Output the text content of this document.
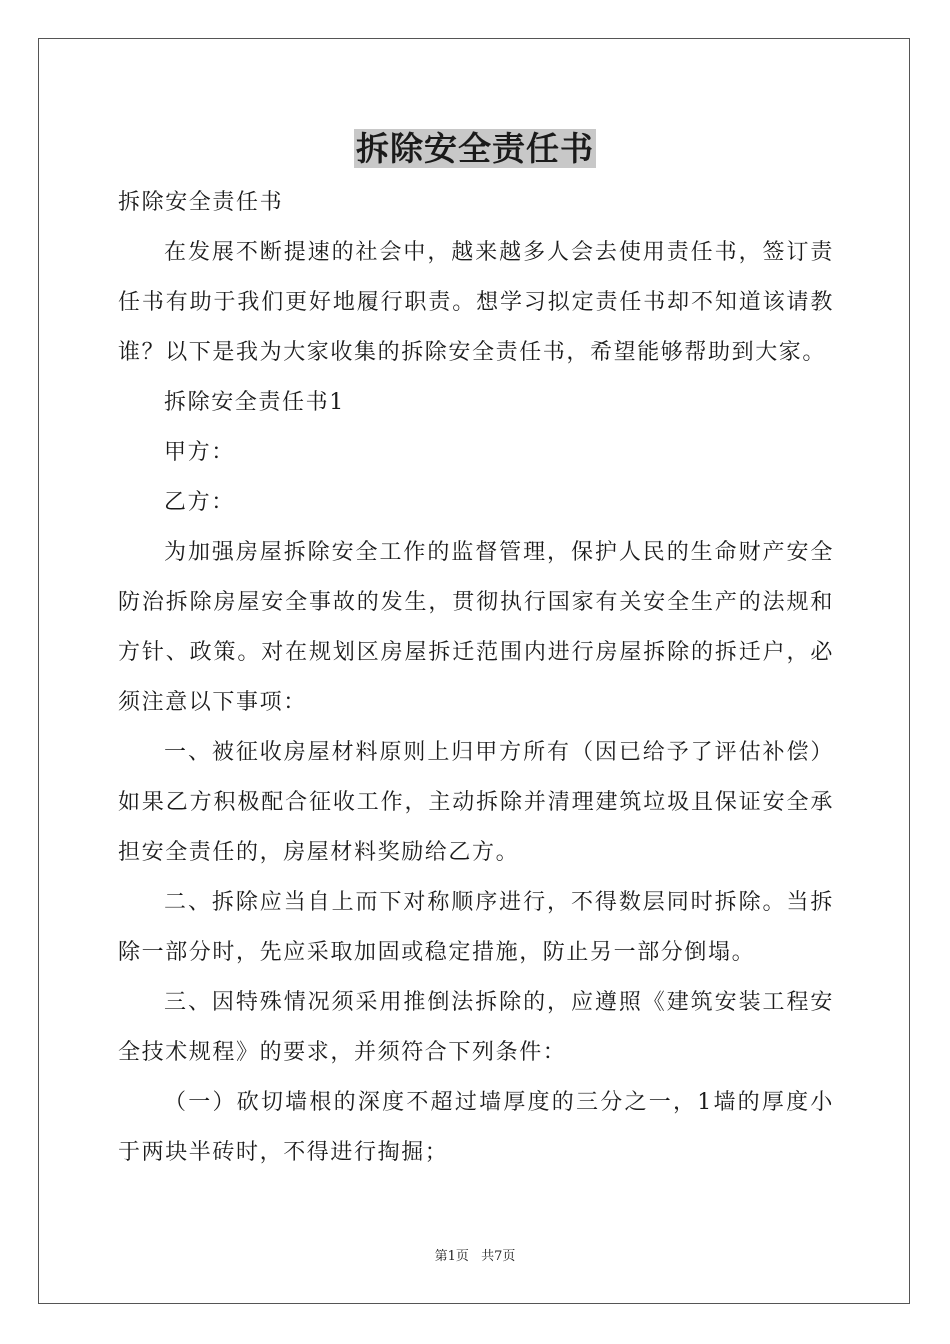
拆除安全责任书

拆除安全责任书

在发展不断提速的社会中，越来越多人会去使用责任书，签订责任书有助于我们更好地履行职责。想学习拟定责任书却不知道该请教谁？以下是我为大家收集的拆除安全责任书，希望能够帮助到大家。

拆除安全责任书1

甲方：

乙方：

为加强房屋拆除安全工作的监督管理，保护人民的生命财产安全防治拆除房屋安全事故的发生，贯彻执行国家有关安全生产的法规和方针、政策。对在规划区房屋拆迁范围内进行房屋拆除的拆迁户，必须注意以下事项：

一、被征收房屋材料原则上归甲方所有（因已给予了评估补偿）如果乙方积极配合征收工作，主动拆除并清理建筑垃圾且保证安全承担安全责任的，房屋材料奖励给乙方。

二、拆除应当自上而下对称顺序进行，不得数层同时拆除。当拆除一部分时，先应采取加固或稳定措施，防止另一部分倒塌。

三、因特殊情况须采用推倒法拆除的，应遵照《建筑安装工程安全技术规程》的要求，并须符合下列条件：

（一）砍切墙根的深度不超过墙厚度的三分之一，1墙的厚度小于两块半砖时，不得进行掏掘；

第1页 共7页
